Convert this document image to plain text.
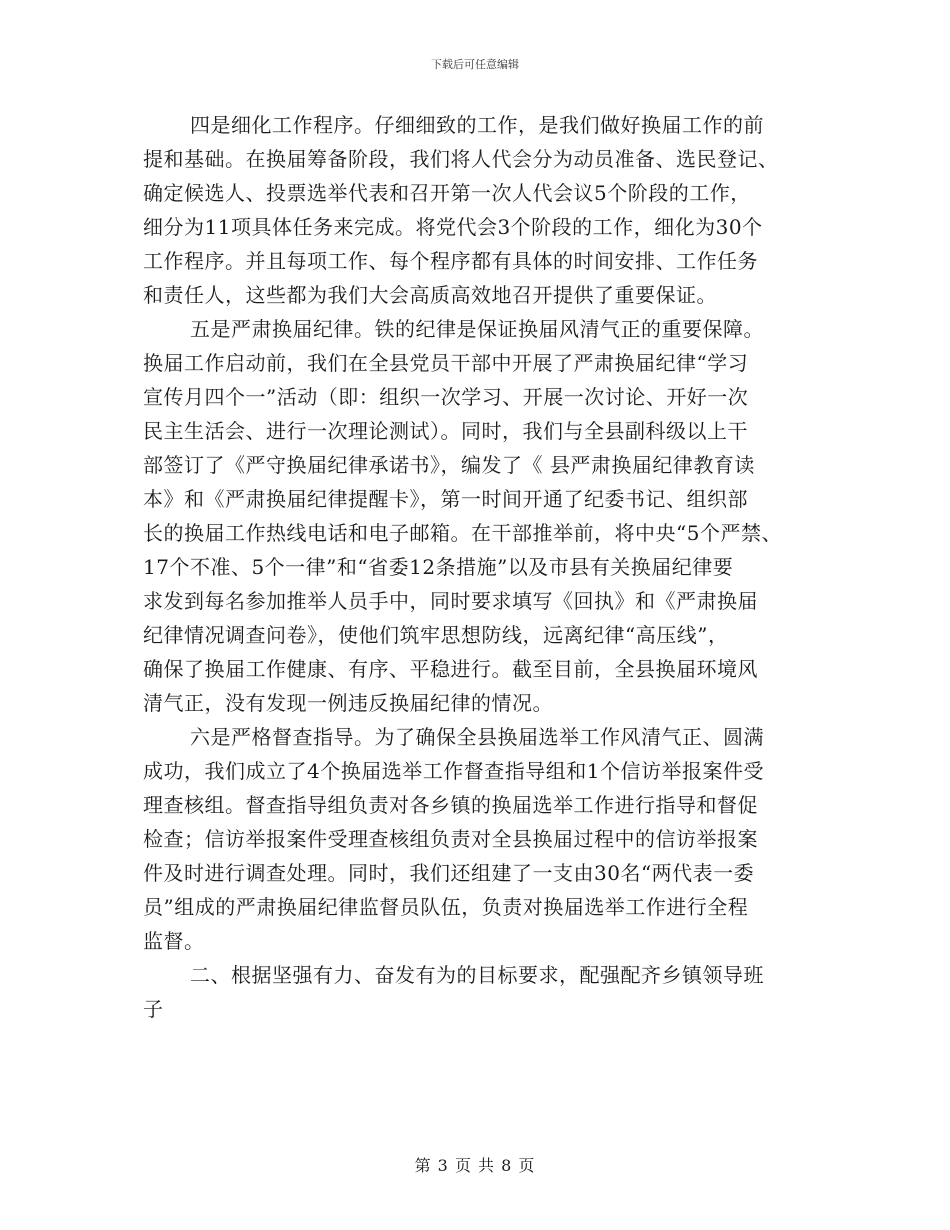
下载后可任意编辑
四是细化工作程序。仔细细致的工作，是我们做好换届工作的前
提和基础。在换届筹备阶段，我们将人代会分为动员准备、选民登记、
确定候选人、投票选举代表和召开第一次人代会议5个阶段的工作，
细分为11项具体任务来完成。将党代会3个阶段的工作，细化为30个
工作程序。并且每项工作、每个程序都有具体的时间安排、工作任务
和责任人，这些都为我们大会高质高效地召开提供了重要保证。
五是严肃换届纪律。铁的纪律是保证换届风清气正的重要保障。
换届工作启动前，我们在全县党员干部中开展了严肃换届纪律“学习
宣传月四个一”活动（即：组织一次学习、开展一次讨论、开好一次
民主生活会、进行一次理论测试）。同时，我们与全县副科级以上干
部签订了《严守换届纪律承诺书》，编发了《 县严肃换届纪律教育读
本》和《严肃换届纪律提醒卡》，第一时间开通了纪委书记、组织部
长的换届工作热线电话和电子邮箱。在干部推举前，将中央“5个严禁、
17个不准、5个一律”和“省委12条措施”以及市县有关换届纪律要
求发到每名参加推举人员手中，同时要求填写《回执》和《严肃换届
纪律情况调查问卷》，使他们筑牢思想防线，远离纪律“高压线”，
确保了换届工作健康、有序、平稳进行。截至目前，全县换届环境风
清气正，没有发现一例违反换届纪律的情况。
六是严格督查指导。为了确保全县换届选举工作风清气正、圆满
成功，我们成立了4个换届选举工作督查指导组和1个信访举报案件受
理查核组。督查指导组负责对各乡镇的换届选举工作进行指导和督促
检查；信访举报案件受理查核组负责对全县换届过程中的信访举报案
件及时进行调查处理。同时，我们还组建了一支由30名“两代表一委
员”组成的严肃换届纪律监督员队伍，负责对换届选举工作进行全程
监督。
二、根据坚强有力、奋发有为的目标要求，配强配齐乡镇领导班
子
第 3 页 共 8 页
